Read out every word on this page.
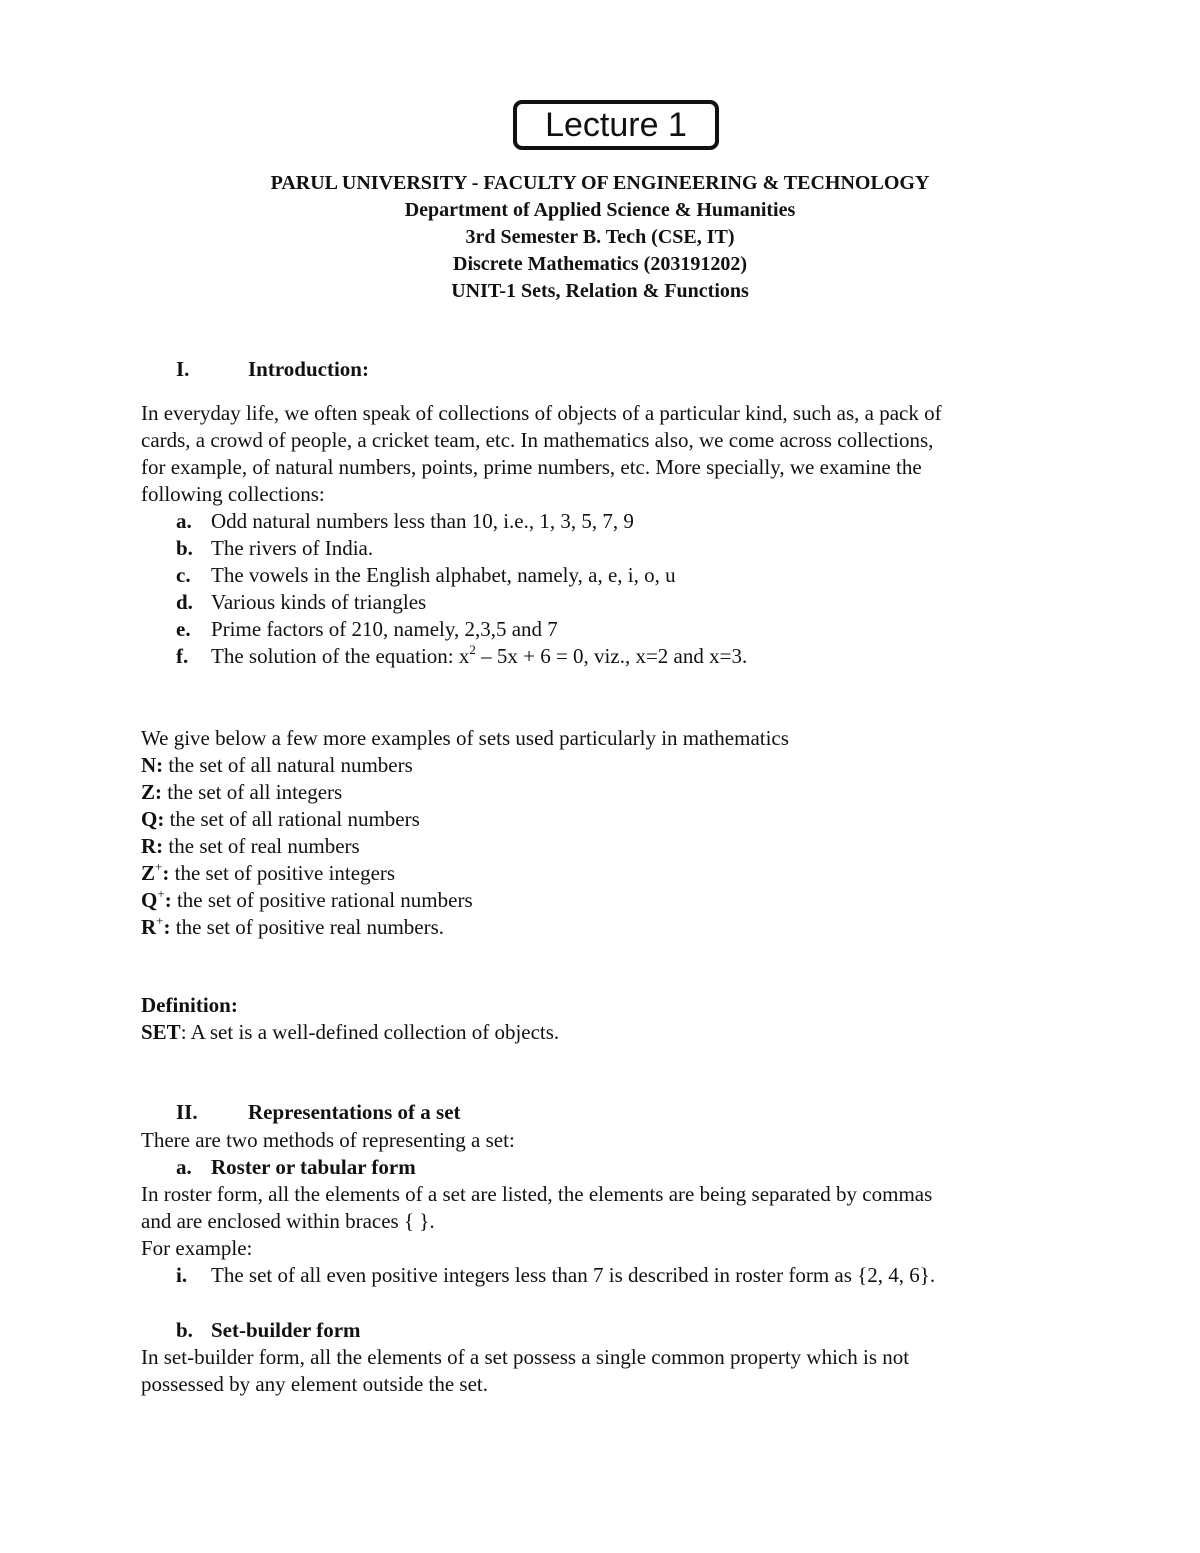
Lecture 1
PARUL UNIVERSITY - FACULTY OF ENGINEERING & TECHNOLOGY
Department of Applied Science & Humanities
3rd Semester B. Tech (CSE, IT)
Discrete Mathematics (203191202)
UNIT-1 Sets, Relation & Functions
I.	Introduction:
In everyday life, we often speak of collections of objects of a particular kind, such as, a pack of
cards, a crowd of people, a cricket team, etc. In mathematics also, we come across collections,
for example, of natural numbers, points, prime numbers, etc. More specially, we examine the
following collections:
a. Odd natural numbers less than 10, i.e., 1, 3, 5, 7, 9
b. The rivers of India.
c. The vowels in the English alphabet, namely, a, e, i, o, u
d. Various kinds of triangles
e. Prime factors of 210, namely, 2,3,5 and 7
f. The solution of the equation: $x^2 - 5x + 6 = 0$, viz., x=2 and x=3.
We give below a few more examples of sets used particularly in mathematics
N: the set of all natural numbers
Z: the set of all integers
Q: the set of all rational numbers
R: the set of real numbers
Z+: the set of positive integers
Q+: the set of positive rational numbers
R+: the set of positive real numbers.
Definition:
SET: A set is a well-defined collection of objects.
II. Representations of a set
There are two methods of representing a set:
a. Roster or tabular form
In roster form, all the elements of a set are listed, the elements are being separated by commas
and are enclosed within braces { }.
For example:
i. The set of all even positive integers less than 7 is described in roster form as {2, 4, 6}.
b. Set-builder form
In set-builder form, all the elements of a set possess a single common property which is not
possessed by any element outside the set.
